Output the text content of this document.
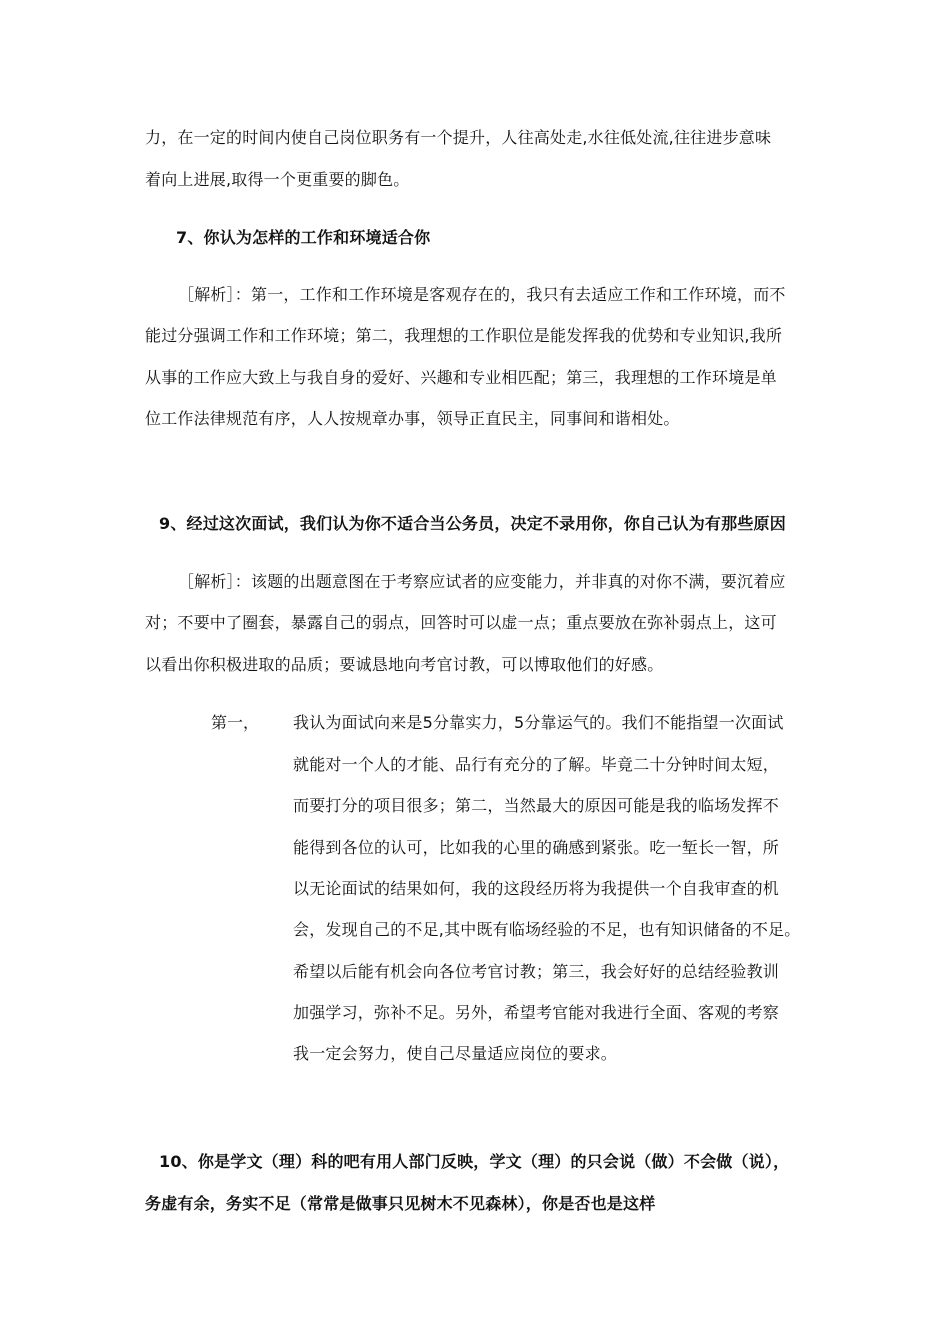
力，在一定的时间内使自己岗位职务有一个提升，人往高处走,水往低处流,往往进步意味
着向上进展,取得一个更重要的脚色。
7、你认为怎样的工作和环境适合你
［解析］：第一，工作和工作环境是客观存在的，我只有去适应工作和工作环境，而不
能过分强调工作和工作环境；第二，我理想的工作职位是能发挥我的优势和专业知识,我所
从事的工作应大致上与我自身的爱好、兴趣和专业相匹配；第三，我理想的工作环境是单
位工作法律规范有序，人人按规章办事，领导正直民主，同事间和谐相处。
9、经过这次面试，我们认为你不适合当公务员，决定不录用你，你自己认为有那些原因
［解析］：该题的出题意图在于考察应试者的应变能力，并非真的对你不满，要沉着应
对；不要中了圈套，暴露自己的弱点，回答时可以虚一点；重点要放在弥补弱点上，这可
以看出你积极进取的品质；要诚恳地向考官讨教，可以博取他们的好感。
第一， 我认为面试向来是5分靠实力，5分靠运气的。我们不能指望一次面试
就能对一个人的才能、品行有充分的了解。毕竟二十分钟时间太短，
而要打分的项目很多；第二，当然最大的原因可能是我的临场发挥不
能得到各位的认可，比如我的心里的确感到紧张。吃一堑长一智，所
以无论面试的结果如何，我的这段经历将为我提供一个自我审查的机
会，发现自己的不足,其中既有临场经验的不足，也有知识储备的不足。
希望以后能有机会向各位考官讨教；第三，我会好好的总结经验教训
加强学习，弥补不足。另外，希望考官能对我进行全面、客观的考察
我一定会努力，使自己尽量适应岗位的要求。
10、你是学文（理）科的吧有用人部门反映，学文（理）的只会说（做）不会做（说），
务虚有余，务实不足（常常是做事只见树木不见森林），你是否也是这样
